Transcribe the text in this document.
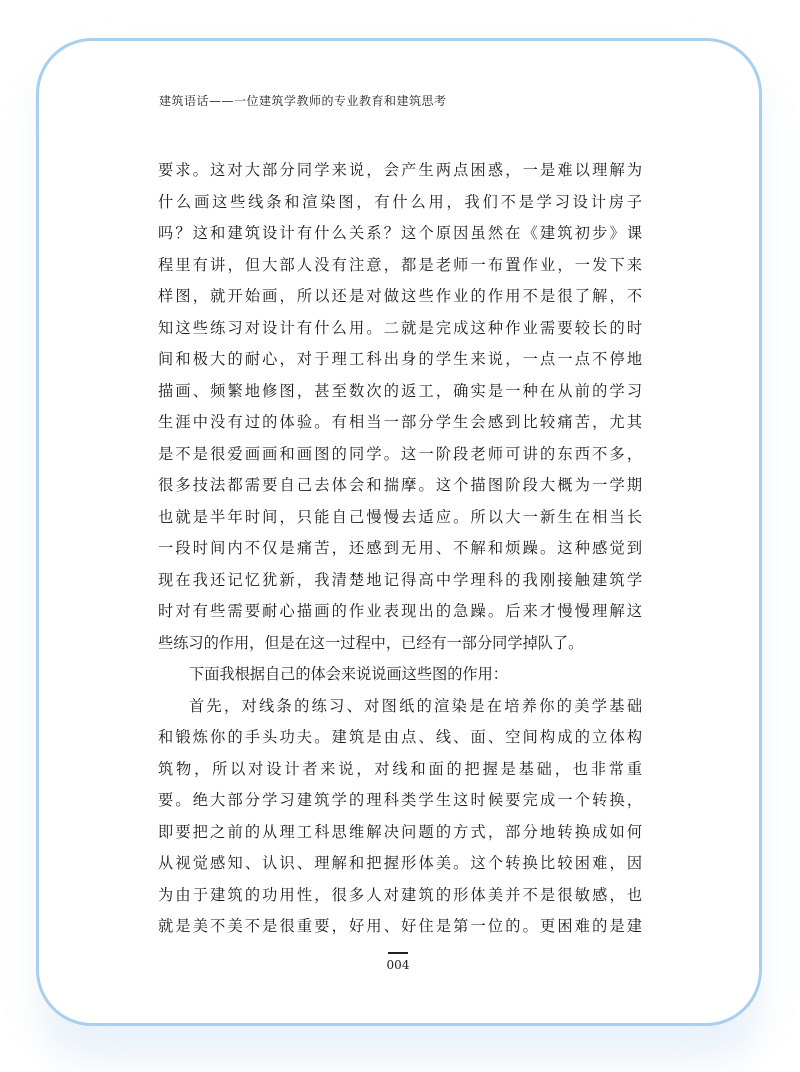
建筑语话——一位建筑学教师的专业教育和建筑思考
要求。这对大部分同学来说，会产生两点困惑，一是难以理解为
什么画这些线条和渲染图，有什么用，我们不是学习设计房子
吗？这和建筑设计有什么关系？这个原因虽然在《建筑初步》课
程里有讲，但大部人没有注意，都是老师一布置作业，一发下来
样图，就开始画，所以还是对做这些作业的作用不是很了解，不
知这些练习对设计有什么用。二就是完成这种作业需要较长的时
间和极大的耐心，对于理工科出身的学生来说，一点一点不停地
描画、频繁地修图，甚至数次的返工，确实是一种在从前的学习
生涯中没有过的体验。有相当一部分学生会感到比较痛苦，尤其
是不是很爱画画和画图的同学。这一阶段老师可讲的东西不多，
很多技法都需要自己去体会和揣摩。这个描图阶段大概为一学期
也就是半年时间，只能自己慢慢去适应。所以大一新生在相当长
一段时间内不仅是痛苦，还感到无用、不解和烦躁。这种感觉到
现在我还记忆犹新，我清楚地记得高中学理科的我刚接触建筑学
时对有些需要耐心描画的作业表现出的急躁。后来才慢慢理解这
些练习的作用，但是在这一过程中，已经有一部分同学掉队了。
下面我根据自己的体会来说说画这些图的作用：
首先，对线条的练习、对图纸的渲染是在培养你的美学基础
和锻炼你的手头功夫。建筑是由点、线、面、空间构成的立体构
筑物，所以对设计者来说，对线和面的把握是基础，也非常重
要。绝大部分学习建筑学的理科类学生这时候要完成一个转换，
即要把之前的从理工科思维解决问题的方式，部分地转换成如何
从视觉感知、认识、理解和把握形体美。这个转换比较困难，因
为由于建筑的功用性，很多人对建筑的形体美并不是很敏感，也
就是美不美不是很重要，好用、好住是第一位的。更困难的是建
004
